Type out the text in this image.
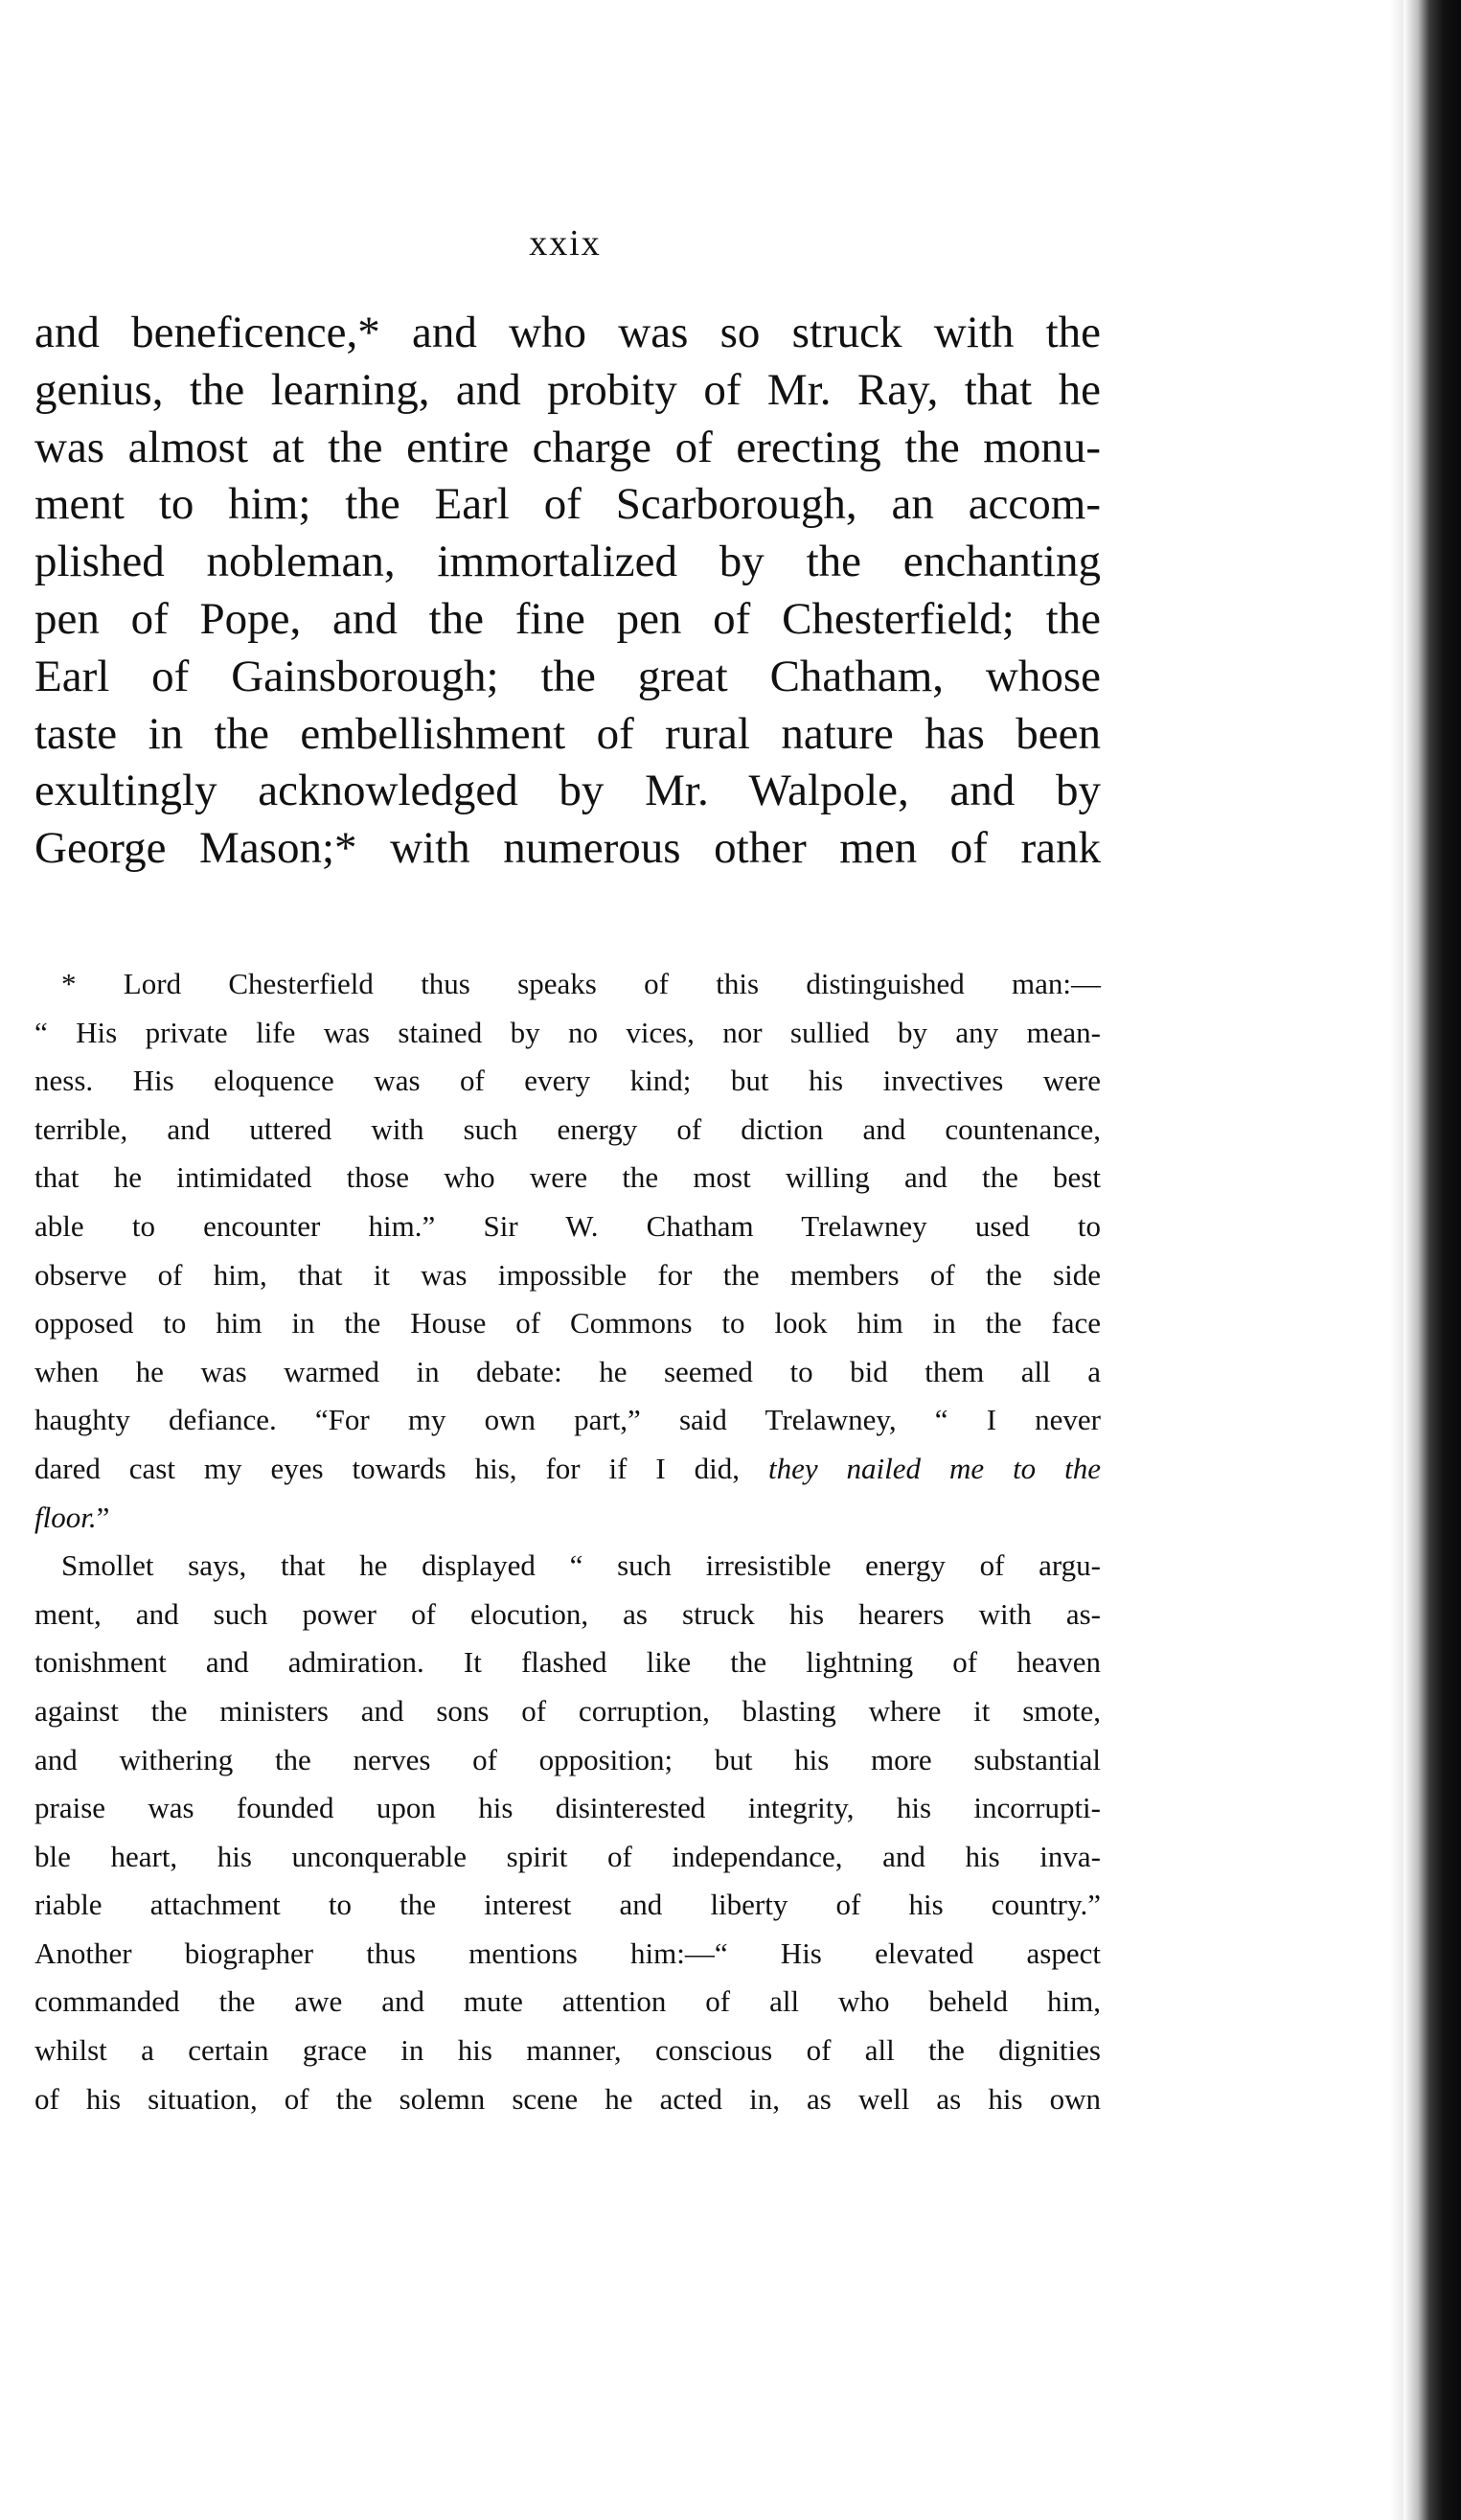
xxix
and beneficence,* and who was so struck with the
genius, the learning, and probity of Mr. Ray, that he
was almost at the entire charge of erecting the monu-
ment to him; the Earl of Scarborough, an accom-
plished nobleman, immortalized by the enchanting
pen of Pope, and the fine pen of Chesterfield; the
Earl of Gainsborough; the great Chatham, whose
taste in the embellishment of rural nature has been
exultingly acknowledged by Mr. Walpole, and by
George Mason;* with numerous other men of rank
* Lord Chesterfield thus speaks of this distinguished man:—
“ His private life was stained by no vices, nor sullied by any mean-
ness. His eloquence was of every kind; but his invectives were
terrible, and uttered with such energy of diction and countenance,
that he intimidated those who were the most willing and the best
able to encounter him.” Sir W. Chatham Trelawney used to
observe of him, that it was impossible for the members of the side
opposed to him in the House of Commons to look him in the face
when he was warmed in debate: he seemed to bid them all a
haughty defiance. “For my own part,” said Trelawney, “ I never
dared cast my eyes towards his, for if I did, they nailed me to the
floor.”
Smollet says, that he displayed “ such irresistible energy of argu-
ment, and such power of elocution, as struck his hearers with as-
tonishment and admiration. It flashed like the lightning of heaven
against the ministers and sons of corruption, blasting where it smote,
and withering the nerves of opposition; but his more substantial
praise was founded upon his disinterested integrity, his incorrupti-
ble heart, his unconquerable spirit of independance, and his inva-
riable attachment to the interest and liberty of his country.”
Another biographer thus mentions him:—“ His elevated aspect
commanded the awe and mute attention of all who beheld him,
whilst a certain grace in his manner, conscious of all the dignities
of his situation, of the solemn scene he acted in, as well as his own
